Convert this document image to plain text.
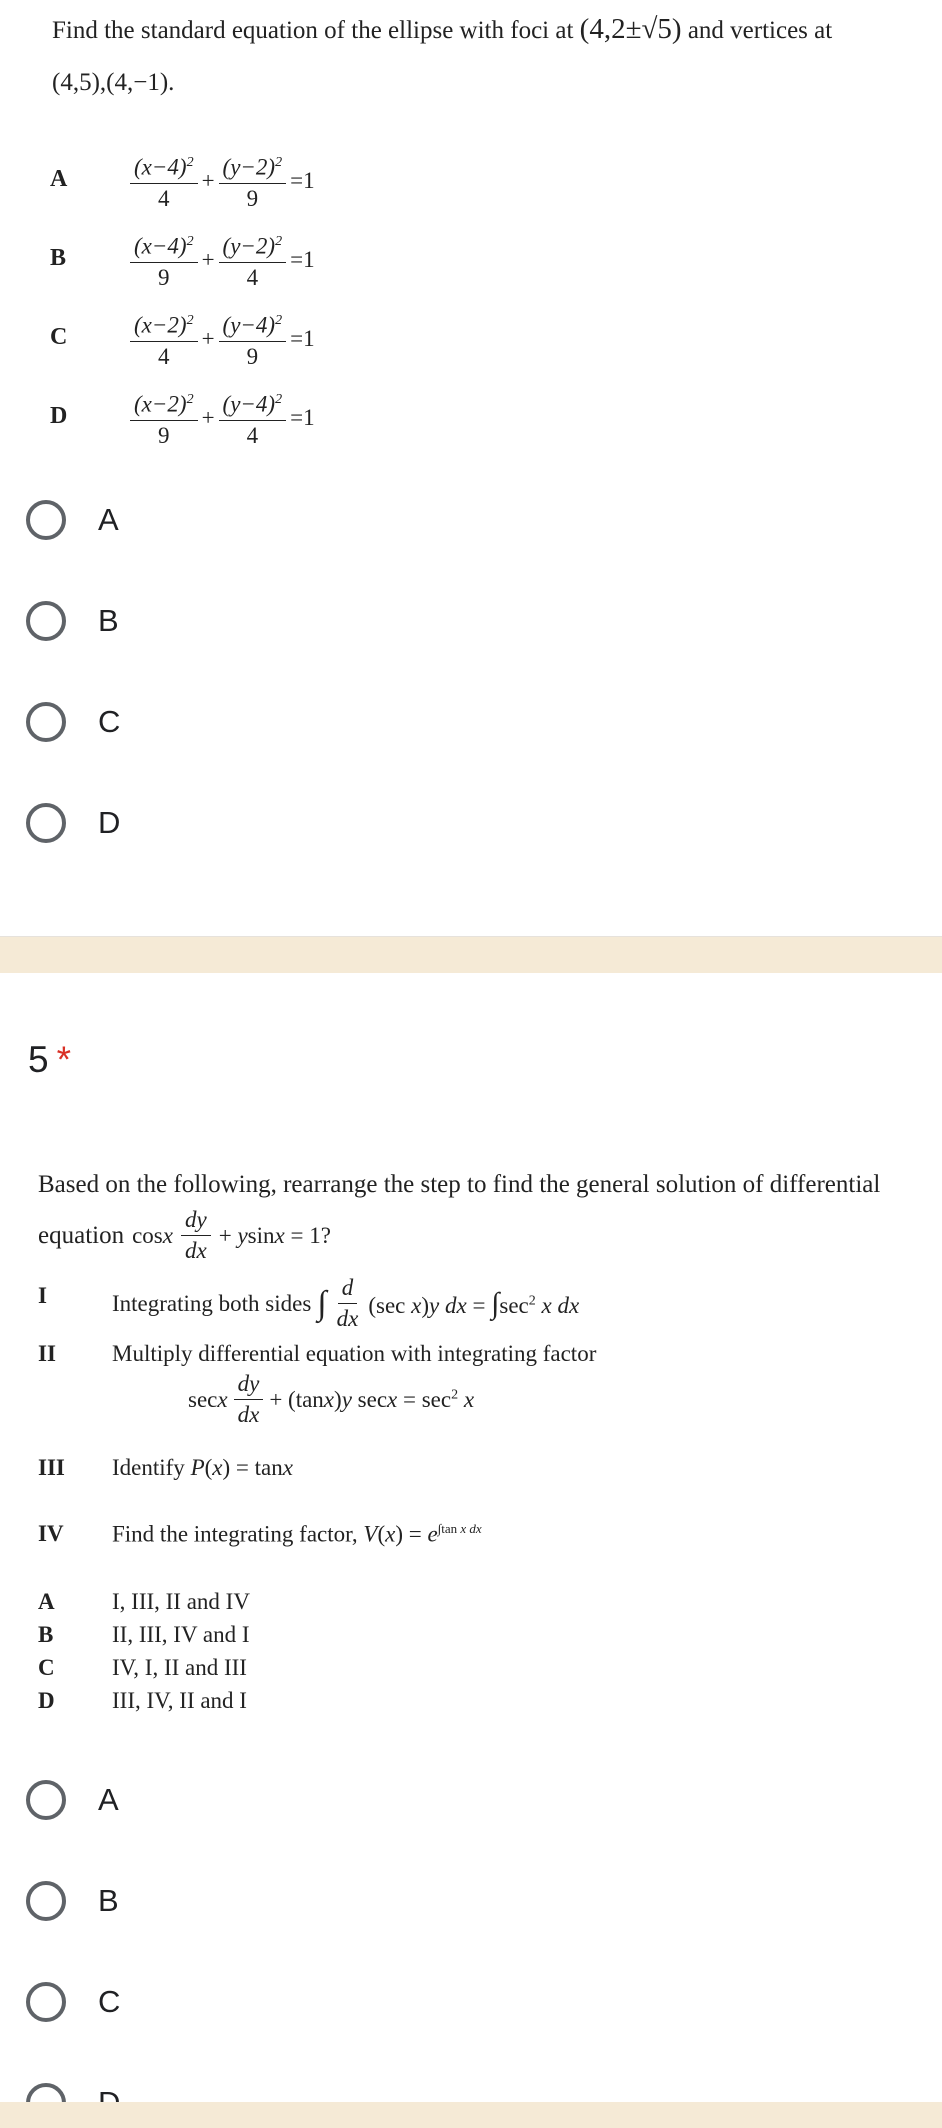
Find the standard equation of the ellipse with foci at (4,2±√5) and vertices at
(4,5),(4,−1).
A	$\frac{(x-4)^2}{4} + \frac{(y-2)^2}{9} =1$
B	$\frac{(x-4)^2}{9} + \frac{(y-2)^2}{4} =1$
C	$\frac{(x-2)^2}{4} + \frac{(y-4)^2}{9} =1$
D	$\frac{(x-2)^2}{9} + \frac{(y-4)^2}{4} =1$
A
B
C
D
5 *
Based on the following, rearrange the step to find the general solution of differential
equation cosx $\frac{dy}{dx} + ysinx = 1$?
I	Integrating both sides ∫ $\frac{d}{dx} (\sec$ x)y dx = $\int\sec^2$ x dx
II Multiply differential equation with integrating factor
secx $\frac{dy}{dx} + (\tan x)y$ $\sec x = \sec^2 x$
III Identify P(x) = tanx
IV Find the integrating factor, $V(x) = e^{\int tan x dx}$
A I, III, II and IV
B	II, III, IV and I
C IV, I, II and III
D III, IV, II and I
A
B
C
